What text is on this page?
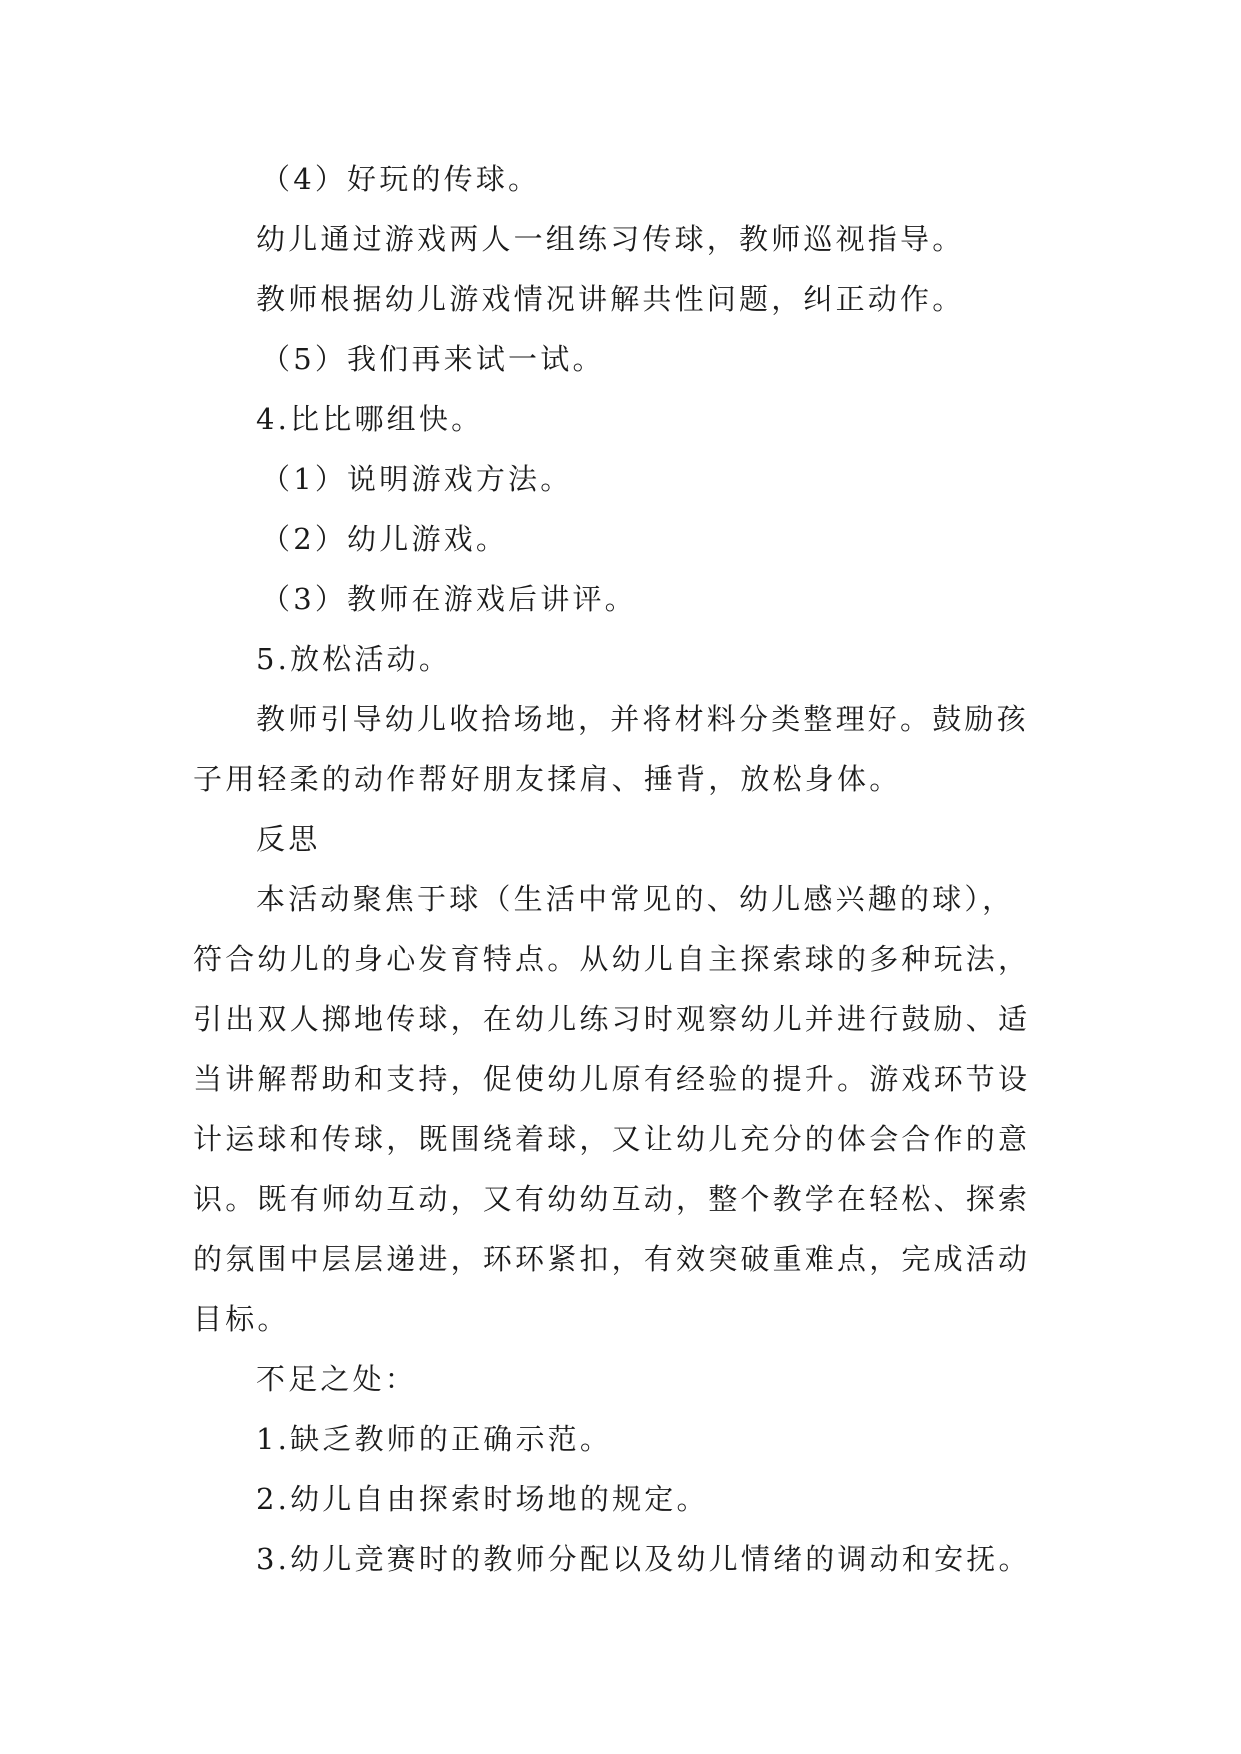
（4）好玩的传球。
幼儿通过游戏两人一组练习传球，教师巡视指导。
教师根据幼儿游戏情况讲解共性问题，纠正动作。
（5）我们再来试一试。
4.比比哪组快。
（1）说明游戏方法。
（2）幼儿游戏。
（3）教师在游戏后讲评。
5.放松活动。
教师引导幼儿收拾场地，并将材料分类整理好。鼓励孩
子用轻柔的动作帮好朋友揉肩、捶背，放松身体。
反思
本活动聚焦于球（生活中常见的、幼儿感兴趣的球），
符合幼儿的身心发育特点。从幼儿自主探索球的多种玩法，
引出双人掷地传球，在幼儿练习时观察幼儿并进行鼓励、适
当讲解帮助和支持，促使幼儿原有经验的提升。游戏环节设
计运球和传球，既围绕着球，又让幼儿充分的体会合作的意
识。既有师幼互动，又有幼幼互动，整个教学在轻松、探索
的氛围中层层递进，环环紧扣，有效突破重难点，完成活动
目标。
不足之处：
1.缺乏教师的正确示范。
2.幼儿自由探索时场地的规定。
3.幼儿竞赛时的教师分配以及幼儿情绪的调动和安抚。
